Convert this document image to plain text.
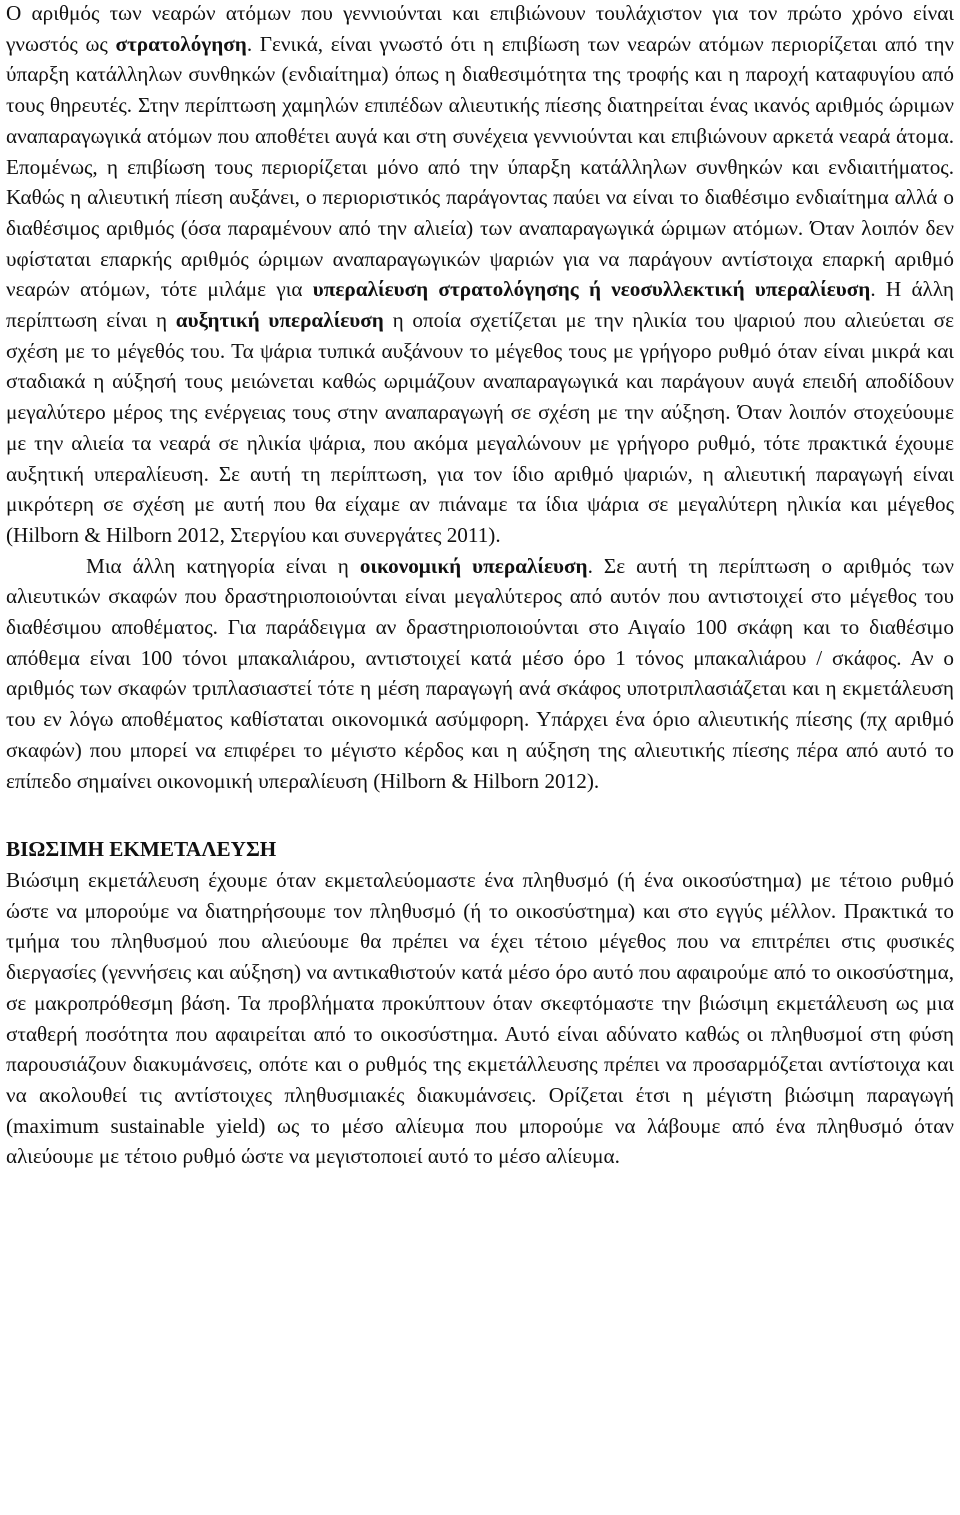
Ο αριθμός των νεαρών ατόμων που γεννιούνται και επιβιώνουν τουλάχιστον για τον πρώτο χρόνο είναι γνωστός ως στρατολόγηση. Γενικά, είναι γνωστό ότι η επιβίωση των νεαρών ατόμων περιορίζεται από την ύπαρξη κατάλληλων συνθηκών (ενδιαίτημα) όπως η διαθεσιμότητα της τροφής και η παροχή καταφυγίου από τους θηρευτές. Στην περίπτωση χαμηλών επιπέδων αλιευτικής πίεσης διατηρείται ένας ικανός αριθμός ώριμων αναπαραγωγικά ατόμων που αποθέτει αυγά και στη συνέχεια γεννιούνται και επιβιώνουν αρκετά νεαρά άτομα. Επομένως, η επιβίωση τους περιορίζεται μόνο από την ύπαρξη κατάλληλων συνθηκών και ενδιαιτήματος. Καθώς η αλιευτική πίεση αυξάνει, ο περιοριστικός παράγοντας παύει να είναι το διαθέσιμο ενδιαίτημα αλλά ο διαθέσιμος αριθμός (όσα παραμένουν από την αλιεία) των αναπαραγωγικά ώριμων ατόμων. Όταν λοιπόν δεν υφίσταται επαρκής αριθμός ώριμων αναπαραγωγικών ψαριών για να παράγουν αντίστοιχα επαρκή αριθμό νεαρών ατόμων, τότε μιλάμε για υπεραλίευση στρατολόγησης ή νεοσυλλεκτική υπεραλίευση. Η άλλη περίπτωση είναι η αυξητική υπεραλίευση η οποία σχετίζεται με την ηλικία του ψαριού που αλιεύεται σε σχέση με το μέγεθός του. Τα ψάρια τυπικά αυξάνουν το μέγεθος τους με γρήγορο ρυθμό όταν είναι μικρά και σταδιακά η αύξησή τους μειώνεται καθώς ωριμάζουν αναπαραγωγικά και παράγουν αυγά επειδή αποδίδουν μεγαλύτερο μέρος της ενέργειας τους στην αναπαραγωγή σε σχέση με την αύξηση. Όταν λοιπόν στοχεύουμε με την αλιεία τα νεαρά σε ηλικία ψάρια, που ακόμα μεγαλώνουν με γρήγορο ρυθμό, τότε πρακτικά έχουμε αυξητική υπεραλίευση. Σε αυτή τη περίπτωση, για τον ίδιο αριθμό ψαριών, η αλιευτική παραγωγή είναι μικρότερη σε σχέση με αυτή που θα είχαμε αν πιάναμε τα ίδια ψάρια σε μεγαλύτερη ηλικία και μέγεθος (Hilborn & Hilborn 2012, Στεργίου και συνεργάτες 2011).

Μια άλλη κατηγορία είναι η οικονομική υπεραλίευση. Σε αυτή τη περίπτωση ο αριθμός των αλιευτικών σκαφών που δραστηριοποιούνται είναι μεγαλύτερος από αυτόν που αντιστοιχεί στο μέγεθος του διαθέσιμου αποθέματος. Για παράδειγμα αν δραστηριοποιούνται στο Αιγαίο 100 σκάφη και το διαθέσιμο απόθεμα είναι 100 τόνοι μπακαλιάρου, αντιστοιχεί κατά μέσο όρο 1 τόνος μπακαλιάρου / σκάφος. Αν ο αριθμός των σκαφών τριπλασιαστεί τότε η μέση παραγωγή ανά σκάφος υποτριπλασιάζεται και η εκμετάλευση του εν λόγω αποθέματος καθίσταται οικονομικά ασύμφορη. Υπάρχει ένα όριο αλιευτικής πίεσης (πχ αριθμό σκαφών) που μπορεί να επιφέρει το μέγιστο κέρδος και η αύξηση της αλιευτικής πίεσης πέρα από αυτό το επίπεδο σημαίνει οικονομική υπεραλίευση (Hilborn & Hilborn 2012).

ΒΙΩΣΙΜΗ ΕΚΜΕΤΑΛΕΥΣΗ

Βιώσιμη εκμετάλευση έχουμε όταν εκμεταλεύομαστε ένα πληθυσμό (ή ένα οικοσύστημα) με τέτοιο ρυθμό ώστε να μπορούμε να διατηρήσουμε τον πληθυσμό (ή το οικοσύστημα) και στο εγγύς μέλλον. Πρακτικά το τμήμα του πληθυσμού που αλιεύουμε θα πρέπει να έχει τέτοιο μέγεθος που να επιτρέπει στις φυσικές διεργασίες (γεννήσεις και αύξηση) να αντικαθιστούν κατά μέσο όρο αυτό που αφαιρούμε από το οικοσύστημα, σε μακροπρόθεσμη βάση. Τα προβλήματα προκύπτουν όταν σκεφτόμαστε την βιώσιμη εκμετάλευση ως μια σταθερή ποσότητα που αφαιρείται από το οικοσύστημα. Αυτό είναι αδύνατο καθώς οι πληθυσμοί στη φύση παρουσιάζουν διακυμάνσεις, οπότε και ο ρυθμός της εκμετάλλευσης πρέπει να προσαρμόζεται αντίστοιχα και να ακολουθεί τις αντίστοιχες πληθυσμιακές διακυμάνσεις. Ορίζεται έτσι η μέγιστη βιώσιμη παραγωγή (maximum sustainable yield) ως το μέσο αλίευμα που μπορούμε να λάβουμε από ένα πληθυσμό όταν αλιεύουμε με τέτοιο ρυθμό ώστε να μεγιστοποιεί αυτό το μέσο αλίευμα.
